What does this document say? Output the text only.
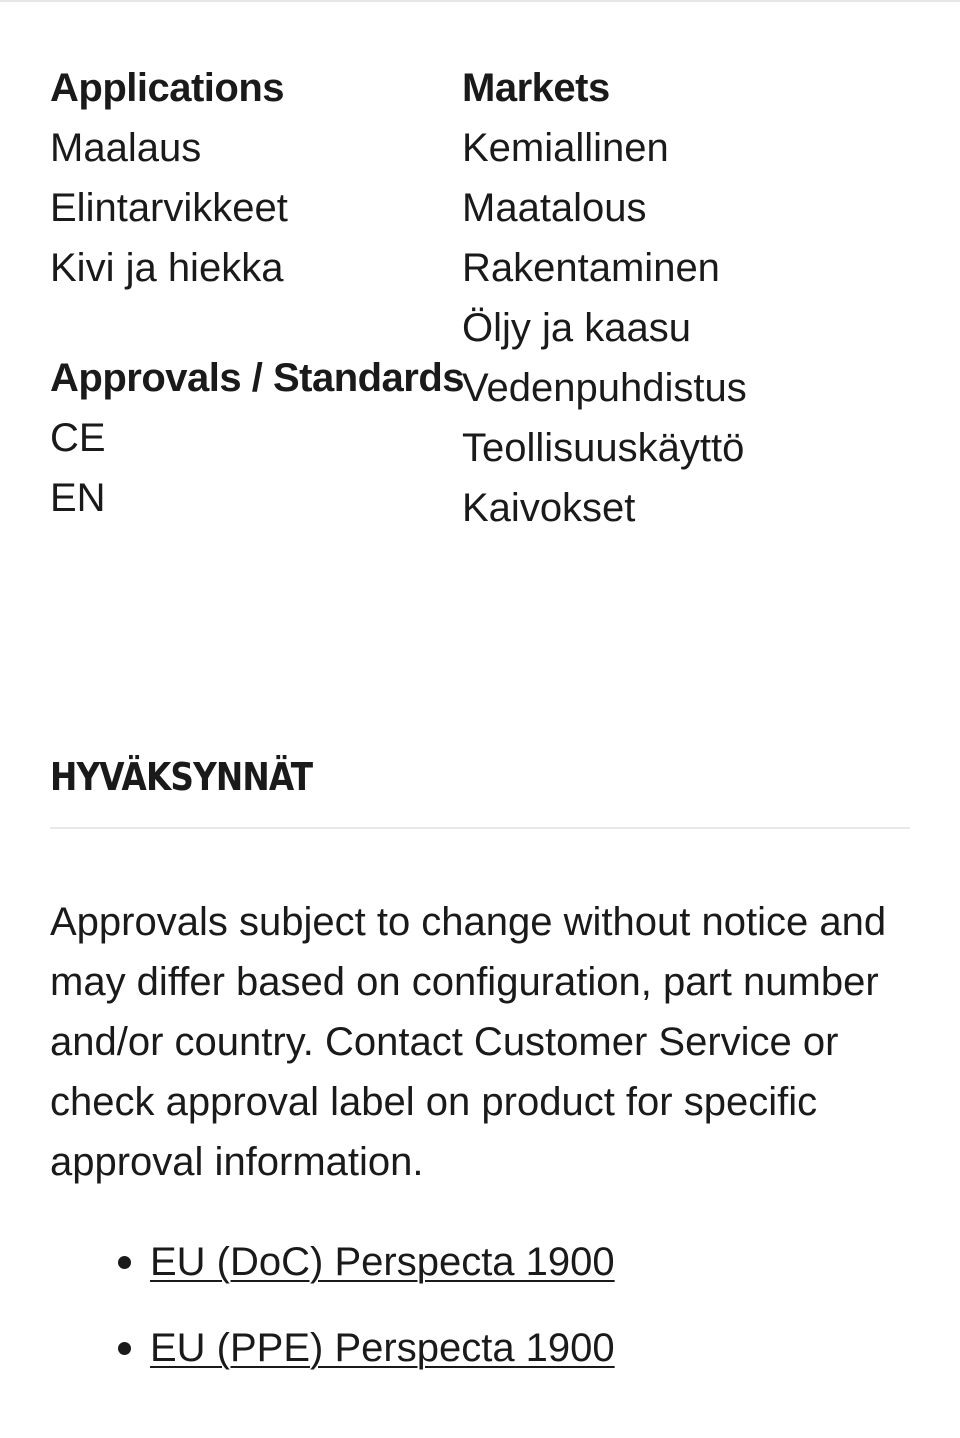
Applications
Maalaus
Elintarvikkeet
Kivi ja hiekka
Approvals / Standards
CE
EN
Markets
Kemiallinen
Maatalous
Rakentaminen
Öljy ja kaasu
Vedenpuhdistus
Teollisuuskäyttö
Kaivokset
HYVÄKSYNNÄT

Approvals subject to change without notice and may differ based on configuration, part number and/or country. Contact Customer Service or check approval label on product for specific approval information.

EU (DoC) Perspecta 1900
EU (PPE) Perspecta 1900
